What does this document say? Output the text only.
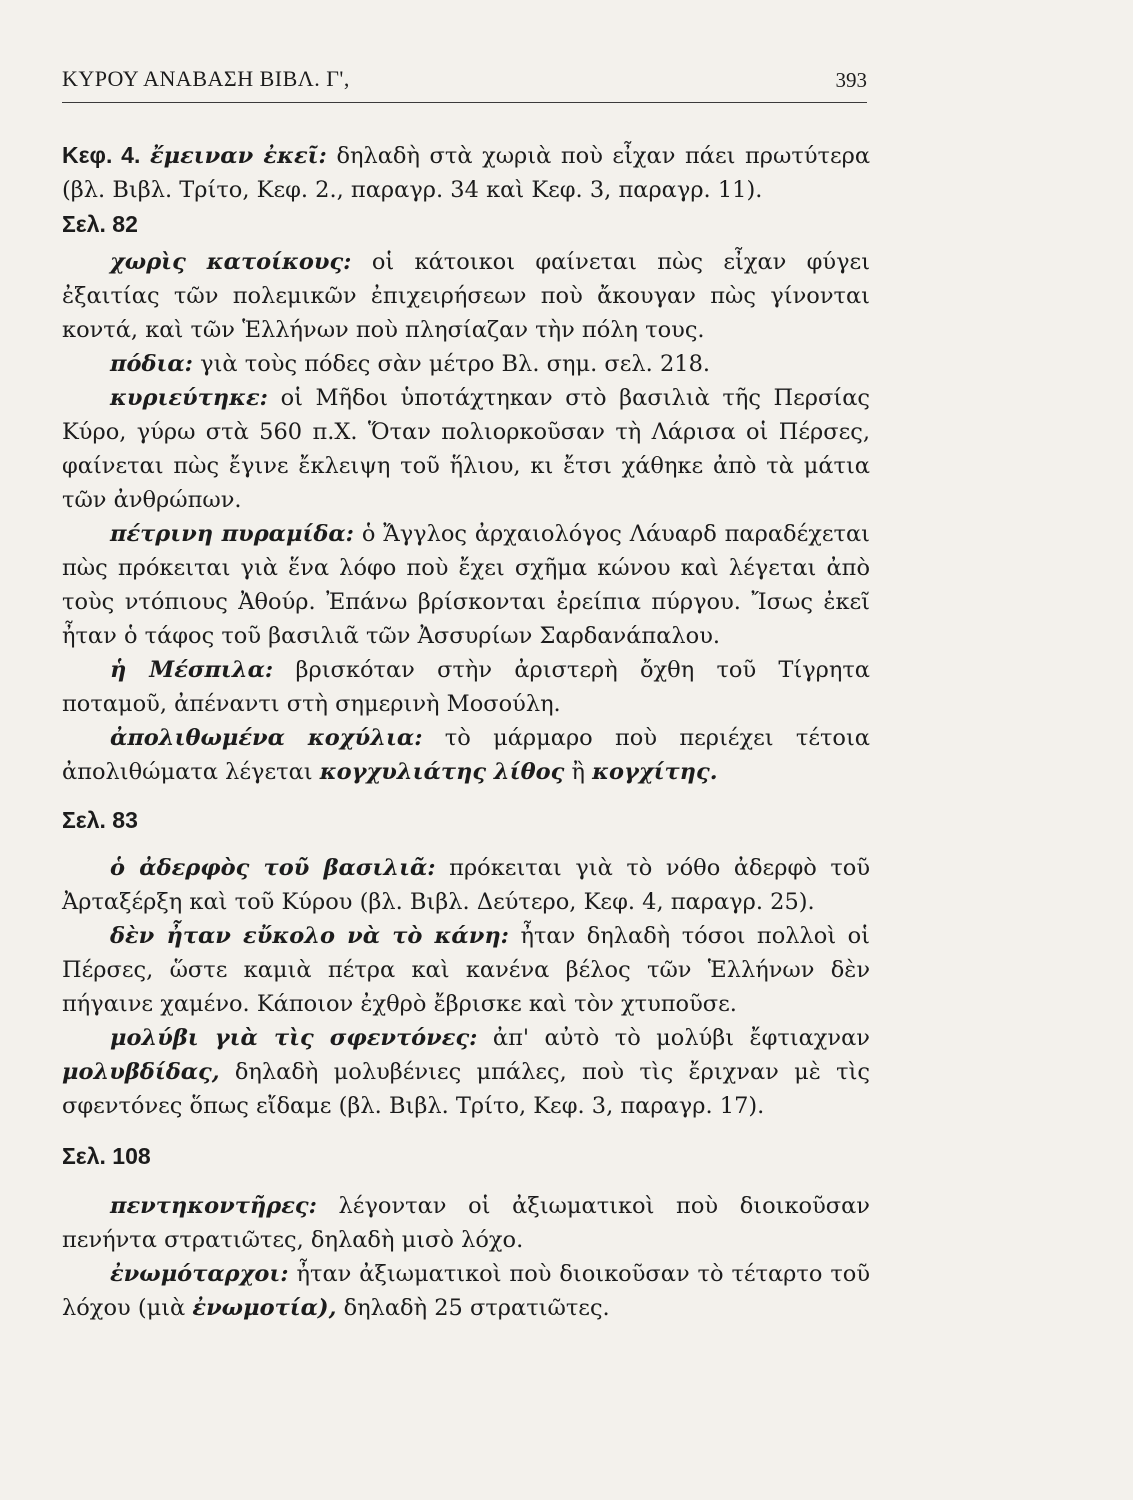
ΚΥΡΟΥ ΑΝΑΒΑΣΗ ΒΙΒΛ. Γ',	393

Κεφ. 4. ἔμειναν ἐκεῖ: δηλαδὴ στὰ χωριὰ ποὺ εἶχαν πάει πρωτύτερα (βλ. Βιβλ. Τρίτο, Κεφ. 2., παραγρ. 34 καὶ Κεφ. 3, παραγρ. 11).

Σελ. 82

χωρὶς κατοίκους: οἱ κάτοικοι φαίνεται πὼς εἶχαν φύγει ἐξαιτίας τῶν πολεμικῶν ἐπιχειρήσεων ποὺ ἄκουγαν πὼς γίνονται κοντά, καὶ τῶν Ἑλλήνων ποὺ πλησίαζαν τὴν πόλη τους.

πόδια: γιὰ τοὺς πόδες σὰν μέτρο Βλ. σημ. σελ. 218.

κυριεύτηκε: οἱ Μῆδοι ὑποτάχτηκαν στὸ βασιλιὰ τῆς Περσίας Κύρο, γύρω στὰ 560 π.Χ. Ὅταν πολιορκοῦσαν τὴ Λάρισα οἱ Πέρσες, φαίνεται πὼς ἔγινε ἔκλειψη τοῦ ἥλιου, κι ἔτσι χάθηκε ἀπὸ τὰ μάτια τῶν ἀνθρώπων.

πέτρινη πυραμίδα: ὁ Ἄγγλος ἀρχαιολόγος Λάυαρδ παραδέχεται πὼς πρόκειται γιὰ ἕνα λόφο ποὺ ἔχει σχῆμα κώνου καὶ λέγεται ἀπὸ τοὺς ντόπιους Ἀθούρ. Ἐπάνω βρίσκονται ἐρείπια πύργου. Ἴσως ἐκεῖ ἦταν ὁ τάφος τοῦ βασιλιᾶ τῶν Ἀσσυρίων Σαρδανάπαλου.

ἡ Μέσπιλα: βρισκόταν στὴν ἀριστερὴ ὄχθη τοῦ Τίγρητα ποταμοῦ, ἀπέναντι στὴ σημερινὴ Μοσούλη.

ἀπολιθωμένα κοχύλια: τὸ μάρμαρο ποὺ περιέχει τέτοια ἀπολιθώματα λέγεται κογχυλιάτης λίθος ἢ κογχίτης.

Σελ. 83

ὁ ἀδερφὸς τοῦ βασιλιᾶ: πρόκειται γιὰ τὸ νόθο ἀδερφὸ τοῦ Ἀρταξέρξη καὶ τοῦ Κύρου (βλ. Βιβλ. Δεύτερο, Κεφ. 4, παραγρ. 25).

δὲν ἦταν εὔκολο νὰ τὸ κάνη: ἦταν δηλαδὴ τόσοι πολλοὶ οἱ Πέρσες, ὥστε καμιὰ πέτρα καὶ κανένα βέλος τῶν Ἑλλήνων δὲν πήγαινε χαμένο. Κάποιον ἐχθρὸ ἔβρισκε καὶ τὸν χτυποῦσε.

μολύβι γιὰ τὶς σφεντόνες: ἀπ' αὐτὸ τὸ μολύβι ἔφτιαχναν μολυβδίδας, δηλαδὴ μολυβένιες μπάλες, ποὺ τὶς ἔριχναν μὲ τὶς σφεντόνες ὅπως εἴδαμε (βλ. Βιβλ. Τρίτο, Κεφ. 3, παραγρ. 17).

Σελ. 108

πεντηκοντῆρες: λέγονταν οἱ ἀξιωματικοὶ ποὺ διοικοῦσαν πενήντα στρατιῶτες, δηλαδὴ μισὸ λόχο.

ἐνωμόταρχοι: ἦταν ἀξιωματικοὶ ποὺ διοικοῦσαν τὸ τέταρτο τοῦ λόχου (μιὰ ἐνωμοτία), δηλαδὴ 25 στρατιῶτες.
